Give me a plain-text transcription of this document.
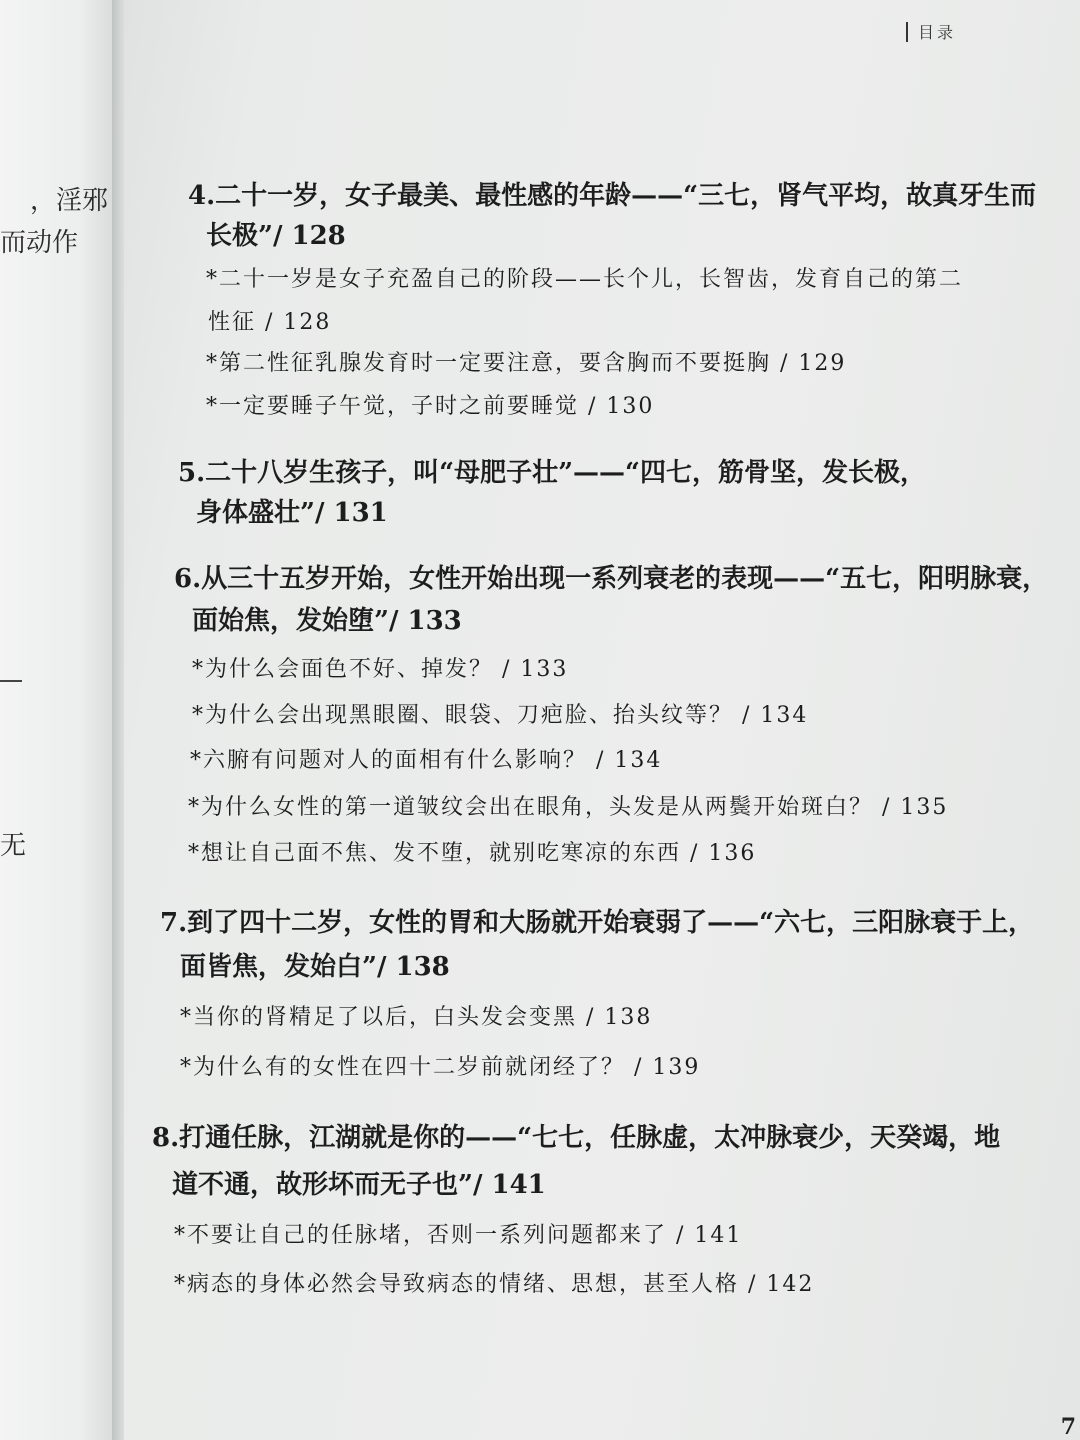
，淫邪
而动作
无
目录
4.二十一岁，女子最美、最性感的年龄——“三七，肾气平均，故真牙生而
长极”/ 128
*二十一岁是女子充盈自己的阶段——长个儿，长智齿，发育自己的第二
性征 / 128
*第二性征乳腺发育时一定要注意，要含胸而不要挺胸 / 129
*一定要睡子午觉，子时之前要睡觉 / 130
5.二十八岁生孩子，叫“母肥子壮”——“四七，筋骨坚，发长极，
身体盛壮”/ 131
6.从三十五岁开始，女性开始出现一系列衰老的表现——“五七，阳明脉衰，
面始焦，发始堕”/ 133
*为什么会面色不好、掉发？ / 133
*为什么会出现黑眼圈、眼袋、刀疤脸、抬头纹等？ / 134
*六腑有问题对人的面相有什么影响？ / 134
*为什么女性的第一道皱纹会出在眼角，头发是从两鬓开始斑白？ / 135
*想让自己面不焦、发不堕，就别吃寒凉的东西 / 136
7.到了四十二岁，女性的胃和大肠就开始衰弱了——“六七，三阳脉衰于上，
面皆焦，发始白”/ 138
*当你的肾精足了以后，白头发会变黑 / 138
*为什么有的女性在四十二岁前就闭经了？ / 139
8.打通任脉，江湖就是你的——“七七，任脉虚，太冲脉衰少，天癸竭，地
道不通，故形坏而无子也”/ 141
*不要让自己的任脉堵，否则一系列问题都来了 / 141
*病态的身体必然会导致病态的情绪、思想，甚至人格 / 142
7
